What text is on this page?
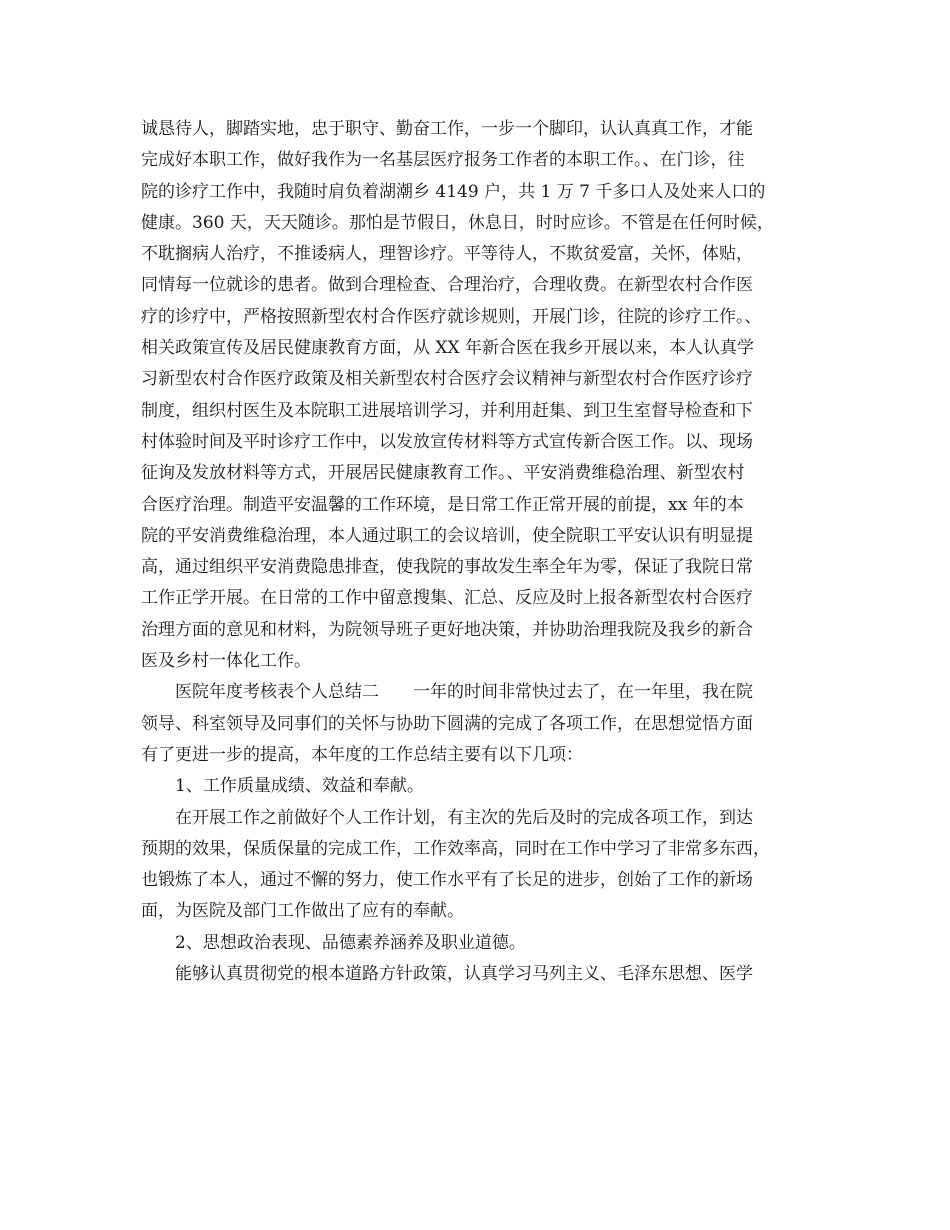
诚恳待人，脚踏实地，忠于职守、勤奋工作，一步一个脚印，认认真真工作，才能
完成好本职工作，做好我作为一名基层医疗报务工作者的本职工作。、在门诊，往
院的诊疗工作中，我随时肩负着湖潮乡 4149 户，共 1 万 7 千多口人及处来人口的
健康。360 天，天天随诊。那怕是节假日，休息日，时时应诊。不管是在任何时候，
不耽搁病人治疗，不推诿病人，理智诊疗。平等待人，不欺贫爱富，关怀，体贴，
同情每一位就诊的患者。做到合理检查、合理治疗，合理收费。在新型农村合作医
疗的诊疗中，严格按照新型农村合作医疗就诊规则，开展门诊，往院的诊疗工作。、
相关政策宣传及居民健康教育方面，从 XX 年新合医在我乡开展以来，本人认真学
习新型农村合作医疗政策及相关新型农村合医疗会议精神与新型农村合作医疗诊疗
制度，组织村医生及本院职工进展培训学习，并利用赶集、到卫生室督导检查和下
村体验时间及平时诊疗工作中，以发放宣传材料等方式宣传新合医工作。以、现场
征询及发放材料等方式，开展居民健康教育工作。、平安消费维稳治理、新型农村
合医疗治理。制造平安温馨的工作环境，是日常工作正常开展的前提，xx 年的本
院的平安消费维稳治理，本人通过职工的会议培训，使全院职工平安认识有明显提
高，通过组织平安消费隐患排查，使我院的事故发生率全年为零，保证了我院日常
工作正学开展。在日常的工作中留意搜集、汇总、反应及时上报各新型农村合医疗
治理方面的意见和材料，为院领导班子更好地决策，并协助治理我院及我乡的新合
医及乡村一体化工作。
医院年度考核表个人总结二　　一年的时间非常快过去了，在一年里，我在院
领导、科室领导及同事们的关怀与协助下圆满的完成了各项工作，在思想觉悟方面
有了更进一步的提高，本年度的工作总结主要有以下几项：
1、工作质量成绩、效益和奉献。
在开展工作之前做好个人工作计划，有主次的先后及时的完成各项工作，到达
预期的效果，保质保量的完成工作，工作效率高，同时在工作中学习了非常多东西，
也锻炼了本人，通过不懈的努力，使工作水平有了长足的进步，创始了工作的新场
面，为医院及部门工作做出了应有的奉献。
2、思想政治表现、品德素养涵养及职业道德。
能够认真贯彻党的根本道路方针政策，认真学习马列主义、毛泽东思想、医学
